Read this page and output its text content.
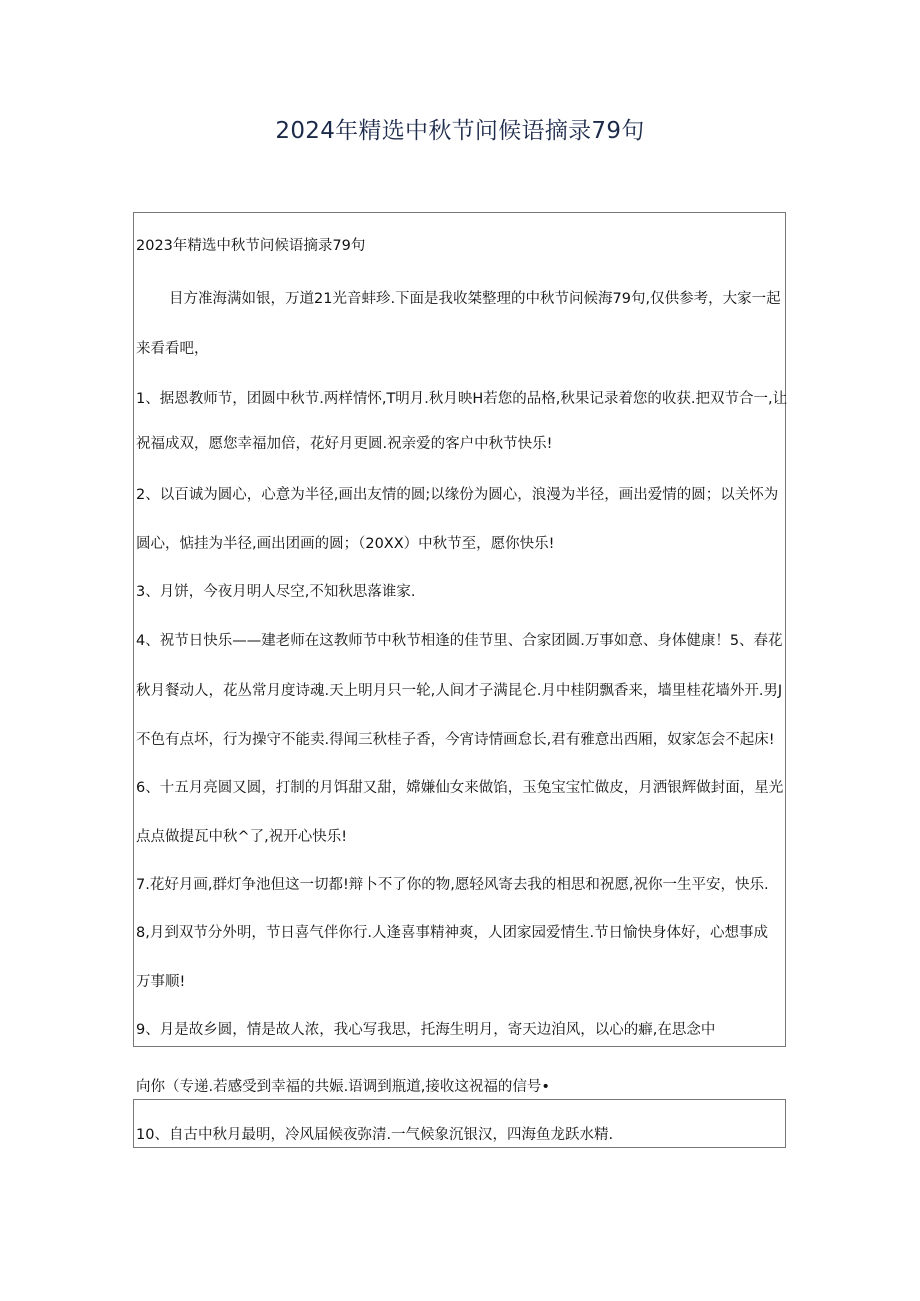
2024年精选中秋节问候语摘录79句
2023年精选中秋节问候语摘录79句
目方准海满如银，万道21光音蚌珍.下面是我收桀整理的中秋节问候海79句,仅供参考，大家一起
来看看吧，
1、据恩教师节，团圆中秋节.两样情怀,T明月.秋月映H若您的品格,秋果记录着您的收获.把双节合一,让
祝福成双，愿您幸福加倍，花好月更圆.祝亲爱的客户中秋节快乐!
2、以百诚为圆心，心意为半径,画出友情的圆;以缘份为圆心，浪漫为半径，画出爱情的圆；以关怀为
圆心，惦挂为半径,画出团画的圆；（20XX）中秋节至，愿你快乐!
3、月饼，今夜月明人尽空,不知秋思落谁家.
4、祝节日快乐——建老师在这教师节中秋节相逢的佳节里、合家团圆.万事如意、身体健康！5、春花
秋月餐动人，花丛常月度诗魂.天上明月只一轮,人间才子满昆仑.月中桂阴飘香来，墙里桂花墙外开.男J
不色有点坏，行为操守不能卖.得闻三秋桂子香，今宵诗情画怠长,君有雅意出西厢，奴家怎会不起床!
6、十五月亮圆又圆，打制的月饵甜又甜，嫦嫌仙女来做馅，玉兔宝宝忙做皮，月洒银辉做封面，星光
点点做提瓦中秋^了,祝开心快乐!
7.花好月画,群灯争池但这一切都!辩卜不了你的物,愿轻风寄去我的相思和祝愿,祝你一生平安，快乐.
8,月到双节分外明，节日喜气伴你行.人逢喜事精神爽，人团家园爱情生.节日愉快身体好，心想事成
万事顺!
9、月是故乡圆，情是故人浓，我心写我思，托海生明月，寄天边洎风，以心的癖,在思念中
向你（专递.若感受到幸福的共娠.语调到瓶道,接收这祝福的信号•
10、自古中秋月最明，冷风届候夜弥清.一气候象沉银汉，四海鱼龙跃水精.
